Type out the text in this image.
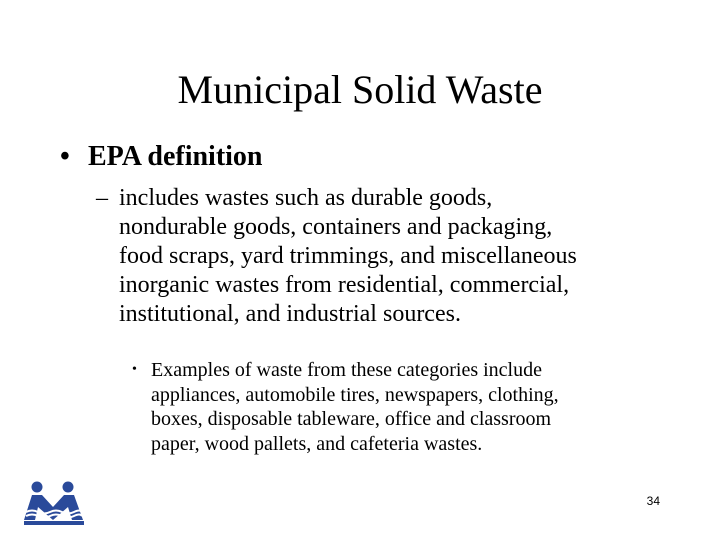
Municipal Solid Waste
• EPA definition
– includes wastes such as durable goods,
nondurable goods, containers and packaging,
food scraps, yard trimmings, and miscellaneous
inorganic wastes from residential, commercial,
institutional, and industrial sources.
• Examples of waste from these categories include
appliances, automobile tires, newspapers, clothing,
boxes, disposable tableware, office and classroom
paper, wood pallets, and cafeteria wastes.
34
